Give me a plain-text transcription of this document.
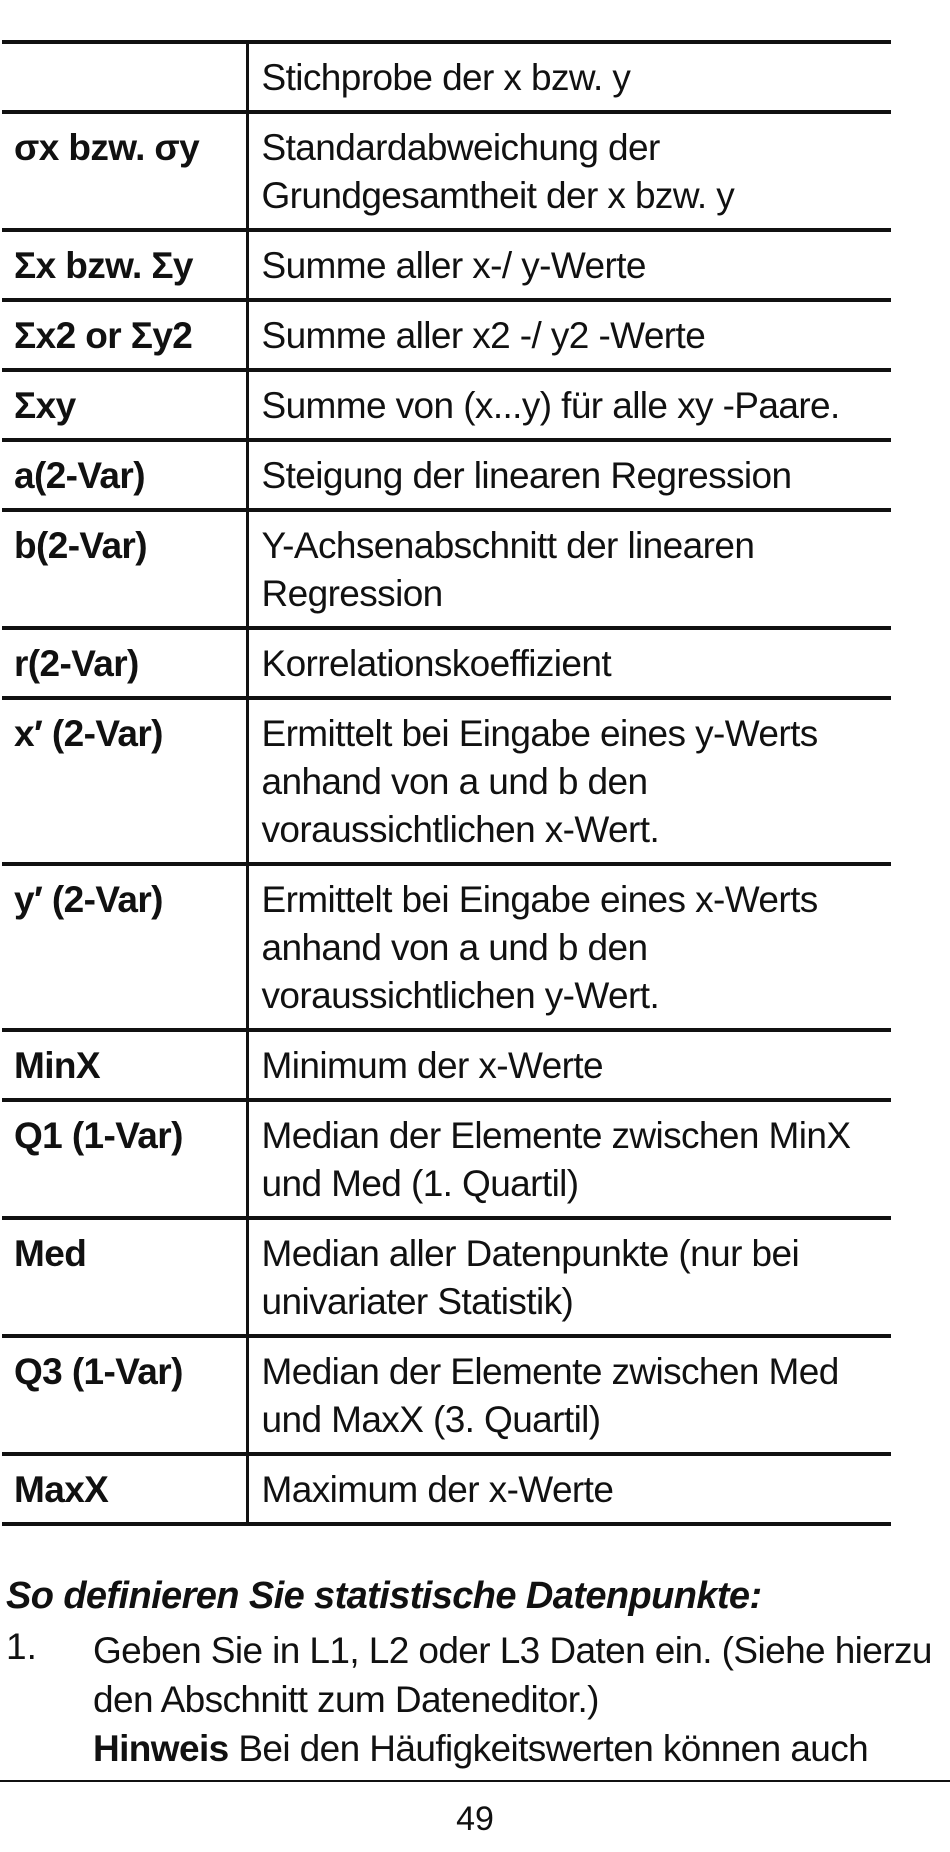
	Stichprobe der x bzw. y
σx bzw. σy	Standardabweichung der Grundgesamtheit der x bzw. y
Σx bzw. Σy	Summe aller x-/ y-Werte
Σx2 or Σy2	Summe aller x2 -/ y2 -Werte
Σxy	Summe von (x...y) für alle xy -Paare.
a(2-Var)	Steigung der linearen Regression
b(2-Var)	Y-Achsenabschnitt der linearen Regression
r(2-Var)	Korrelationskoeffizient
x′ (2-Var)	Ermittelt bei Eingabe eines y-Werts anhand von a und b den voraussichtlichen x-Wert.
y′ (2-Var)	Ermittelt bei Eingabe eines x-Werts anhand von a und b den voraussichtlichen y-Wert.
MinX	Minimum der x-Werte
Q1 (1-Var)	Median der Elemente zwischen MinX und Med (1. Quartil)
Med	Median aller Datenpunkte (nur bei univariater Statistik)
Q3 (1-Var)	Median der Elemente zwischen Med und MaxX (3. Quartil)
MaxX	Maximum der x-Werte
So definieren Sie statistische Datenpunkte:
1. Geben Sie in L1, L2 oder L3 Daten ein. (Siehe hierzu den Abschnitt zum Dateneditor.)
Hinweis Bei den Häufigkeitswerten können auch
49
